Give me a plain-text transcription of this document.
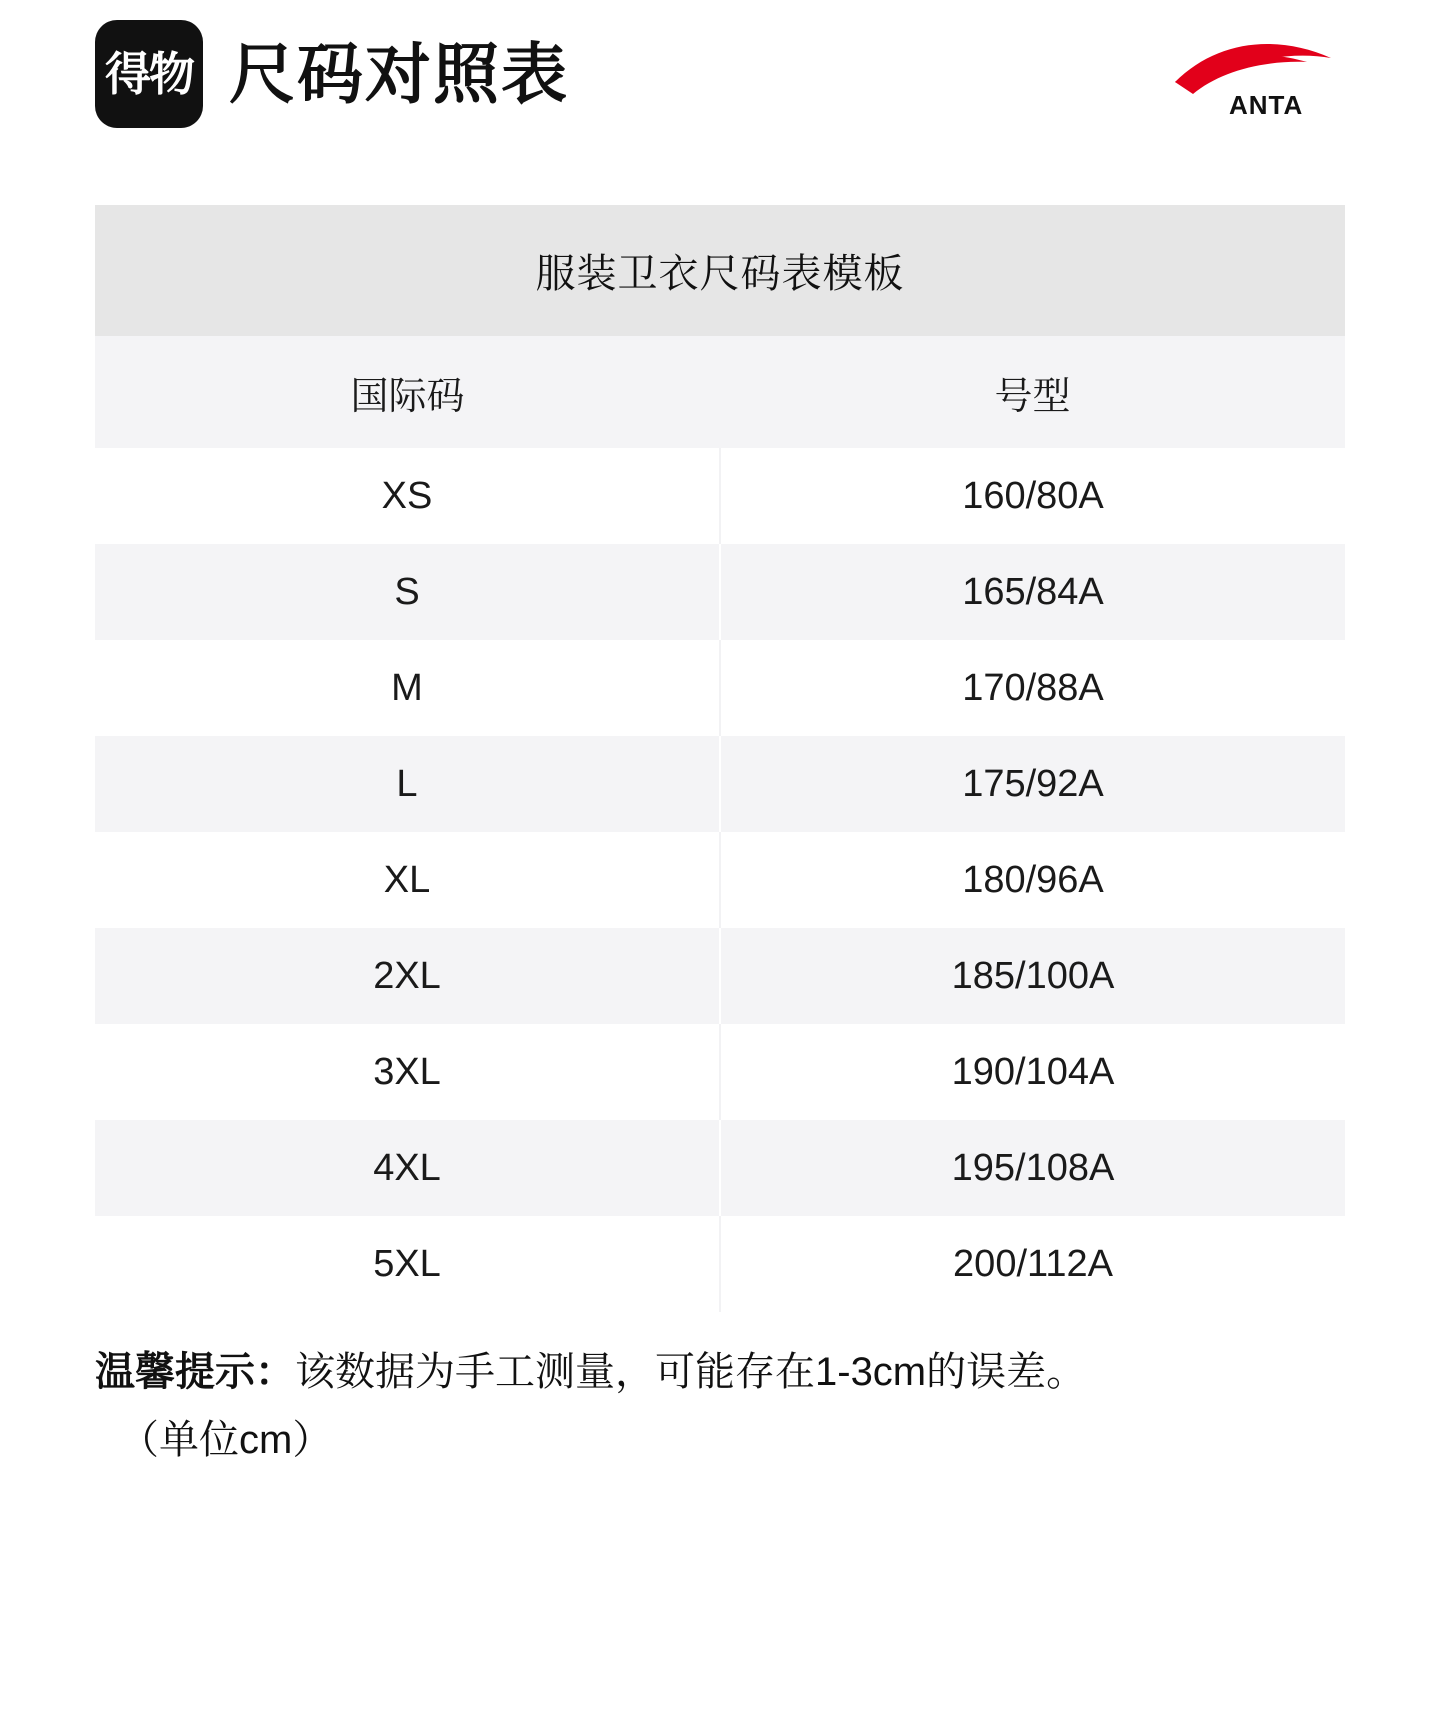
得物 尺码对照表	ANTA
服装卫衣尺码表模板
国际码	号型
XS	160/80A
S	165/84A
M	170/88A
L	175/92A
XL	180/96A
2XL	185/100A
3XL	190/104A
4XL	195/108A
5XL	200/112A
温馨提示：该数据为手工测量，可能存在1-3cm的误差。
（单位cm）
